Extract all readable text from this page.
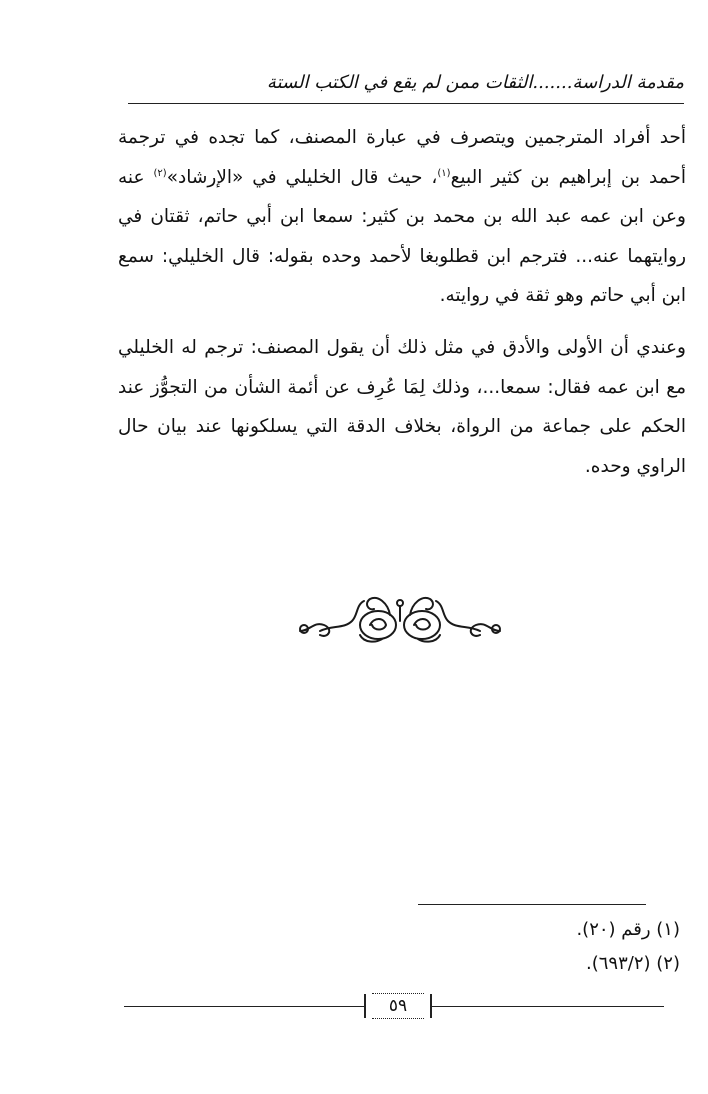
مقدمة الدراسة.......الثقات ممن لم يقع في الكتب الستة

أحد أفراد المترجمين ويتصرف في عبارة المصنف، كما تجده في ترجمة أحمد بن إبراهيم بن كثير البيع$^{(١)}$، حيث قال الخليلي في «الإرشاد»$^{(٢)}$ عنه وعن ابن عمه عبد الله بن محمد بن كثير: سمعا ابن أبي حاتم، ثقتان في روايتهما عنه... فترجم ابن قطلوبغا لأحمد وحده بقوله: قال الخليلي: سمع ابن أبي حاتم وهو ثقة في روايته.

وعندي أن الأولى والأدق في مثل ذلك أن يقول المصنف: ترجم له الخليلي مع ابن عمه فقال: سمعا...، وذلك لِمَا عُرِف عن أئمة الشأن من التجوُّز عند الحكم على جماعة من الرواة، بخلاف الدقة التي يسلكونها عند بيان حال الراوي وحده.

(١) رقم (٢٠).
(٢) (٦٩٣/٢).
٥٩
